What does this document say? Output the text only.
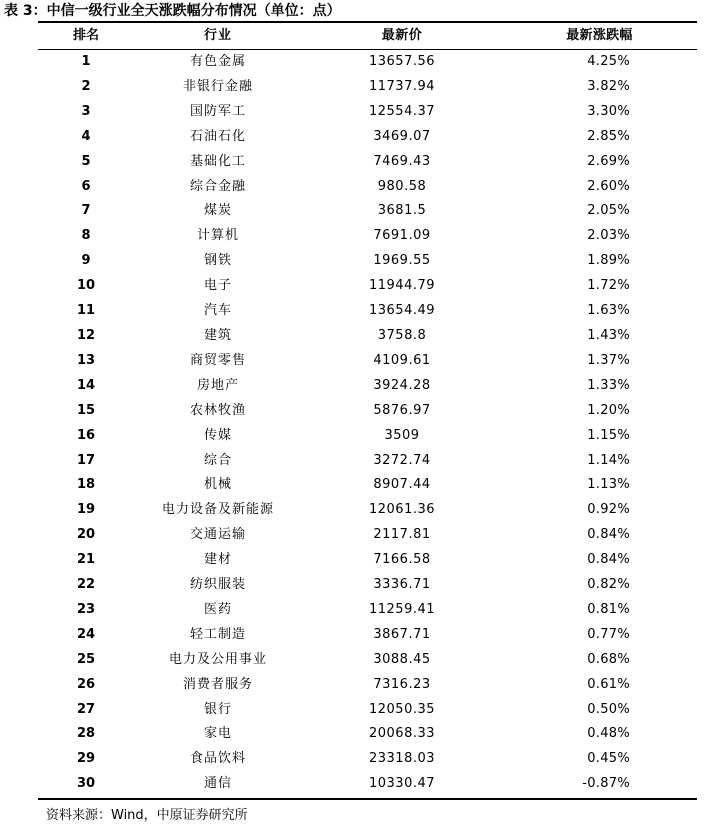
表 3：中信一级行业全天涨跌幅分布情况（单位：点）
排名	行业	最新价	最新涨跌幅
1	有色金属	13657.56	4.25%
2	非银行金融	11737.94	3.82%
3	国防军工	12554.37	3.30%
4	石油石化	3469.07	2.85%
5	基础化工	7469.43	2.69%
6	综合金融	980.58	2.60%
7	煤炭	3681.5	2.05%
8	计算机	7691.09	2.03%
9	钢铁	1969.55	1.89%
10	电子	11944.79	1.72%
11	汽车	13654.49	1.63%
12	建筑	3758.8	1.43%
13	商贸零售	4109.61	1.37%
14	房地产	3924.28	1.33%
15	农林牧渔	5876.97	1.20%
16	传媒	3509	1.15%
17	综合	3272.74	1.14%
18	机械	8907.44	1.13%
19	电力设备及新能源	12061.36	0.92%
20	交通运输	2117.81	0.84%
21	建材	7166.58	0.84%
22	纺织服装	3336.71	0.82%
23	医药	11259.41	0.81%
24	轻工制造	3867.71	0.77%
25	电力及公用事业	3088.45	0.68%
26	消费者服务	7316.23	0.61%
27	银行	12050.35	0.50%
28	家电	20068.33	0.48%
29	食品饮料	23318.03	0.45%
30	通信	10330.47	-0.87%
资料来源：Wind，中原证券研究所
